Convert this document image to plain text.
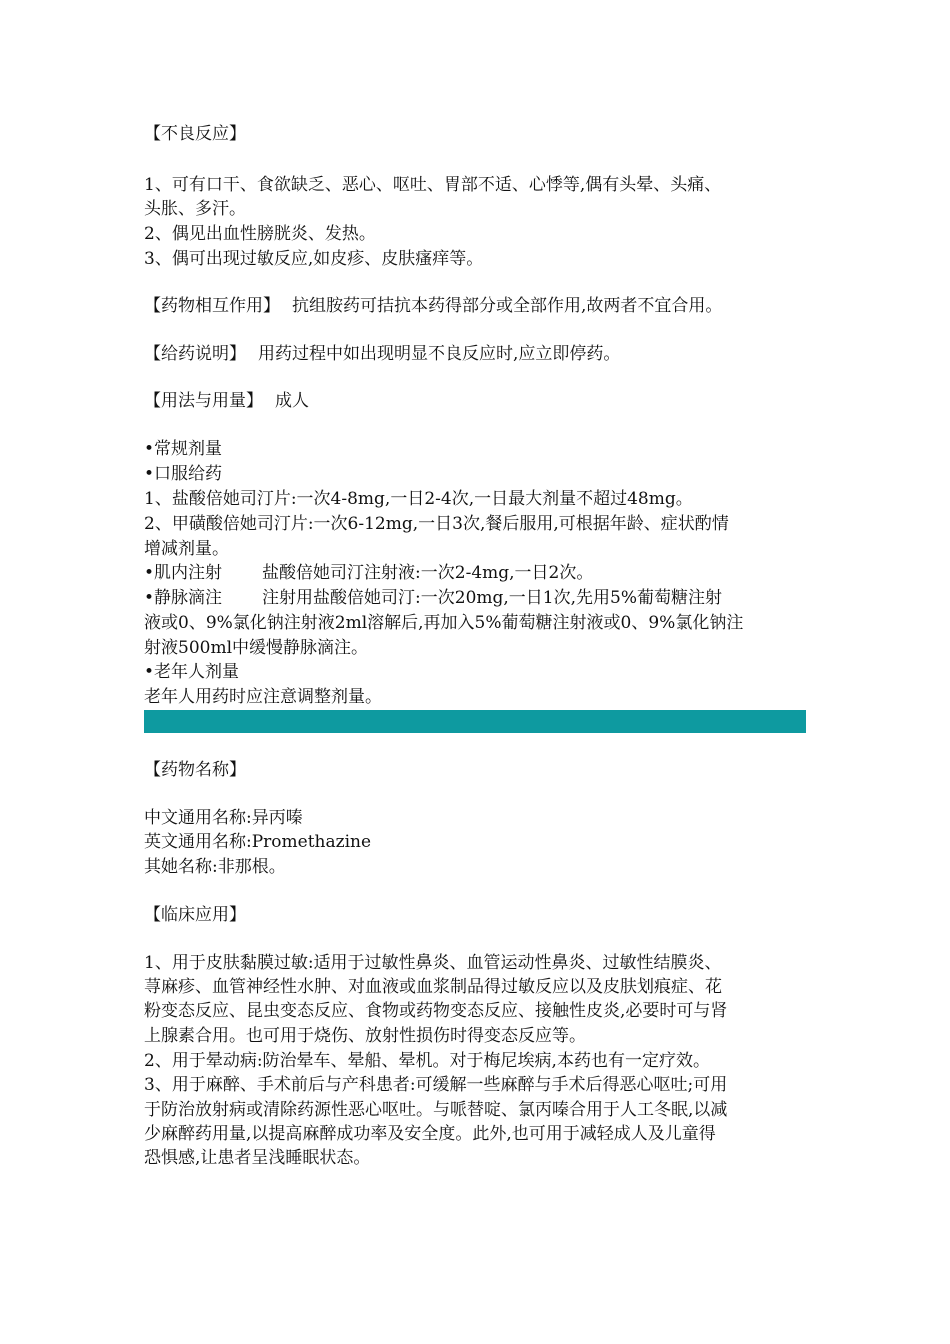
【不良反应】
1、可有口干、食欲缺乏、恶心、呕吐、胃部不适、心悸等,偶有头晕、头痛、
头胀、多汗。
2、偶见出血性膀胱炎、发热。
3、偶可出现过敏反应,如皮疹、皮肤瘙痒等。
【药物相互作用】 抗组胺药可拮抗本药得部分或全部作用,故两者不宜合用。
【给药说明】 用药过程中如出现明显不良反应时,应立即停药。
【用法与用量】 成人
•常规剂量
•口服给药
1、盐酸倍她司汀片:一次4-8mg,一日2-4次,一日最大剂量不超过48mg。
2、甲磺酸倍她司汀片:一次6-12mg,一日3次,餐后服用,可根据年龄、症状酌情
增减剂量。
•肌内注射 盐酸倍她司汀注射液:一次2-4mg,一日2次。
•静脉滴注 注射用盐酸倍她司汀:一次20mg,一日1次,先用5%葡萄糖注射
液或0、9%氯化钠注射液2ml溶解后,再加入5%葡萄糖注射液或0、9%氯化钠注
射液500ml中缓慢静脉滴注。
•老年人剂量
老年人用药时应注意调整剂量。
【药物名称】
中文通用名称:异丙嗪
英文通用名称:Promethazine
其她名称:非那根。
【临床应用】
1、用于皮肤黏膜过敏:适用于过敏性鼻炎、血管运动性鼻炎、过敏性结膜炎、
荨麻疹、血管神经性水肿、对血液或血浆制品得过敏反应以及皮肤划痕症、花
粉变态反应、昆虫变态反应、食物或药物变态反应、接触性皮炎,必要时可与肾
上腺素合用。也可用于烧伤、放射性损伤时得变态反应等。
2、用于晕动病:防治晕车、晕船、晕机。对于梅尼埃病,本药也有一定疗效。
3、用于麻醉、手术前后与产科患者:可缓解一些麻醉与手术后得恶心呕吐;可用
于防治放射病或清除药源性恶心呕吐。与哌替啶、氯丙嗪合用于人工冬眠,以减
少麻醉药用量,以提高麻醉成功率及安全度。此外,也可用于减轻成人及儿童得
恐惧感,让患者呈浅睡眠状态。
